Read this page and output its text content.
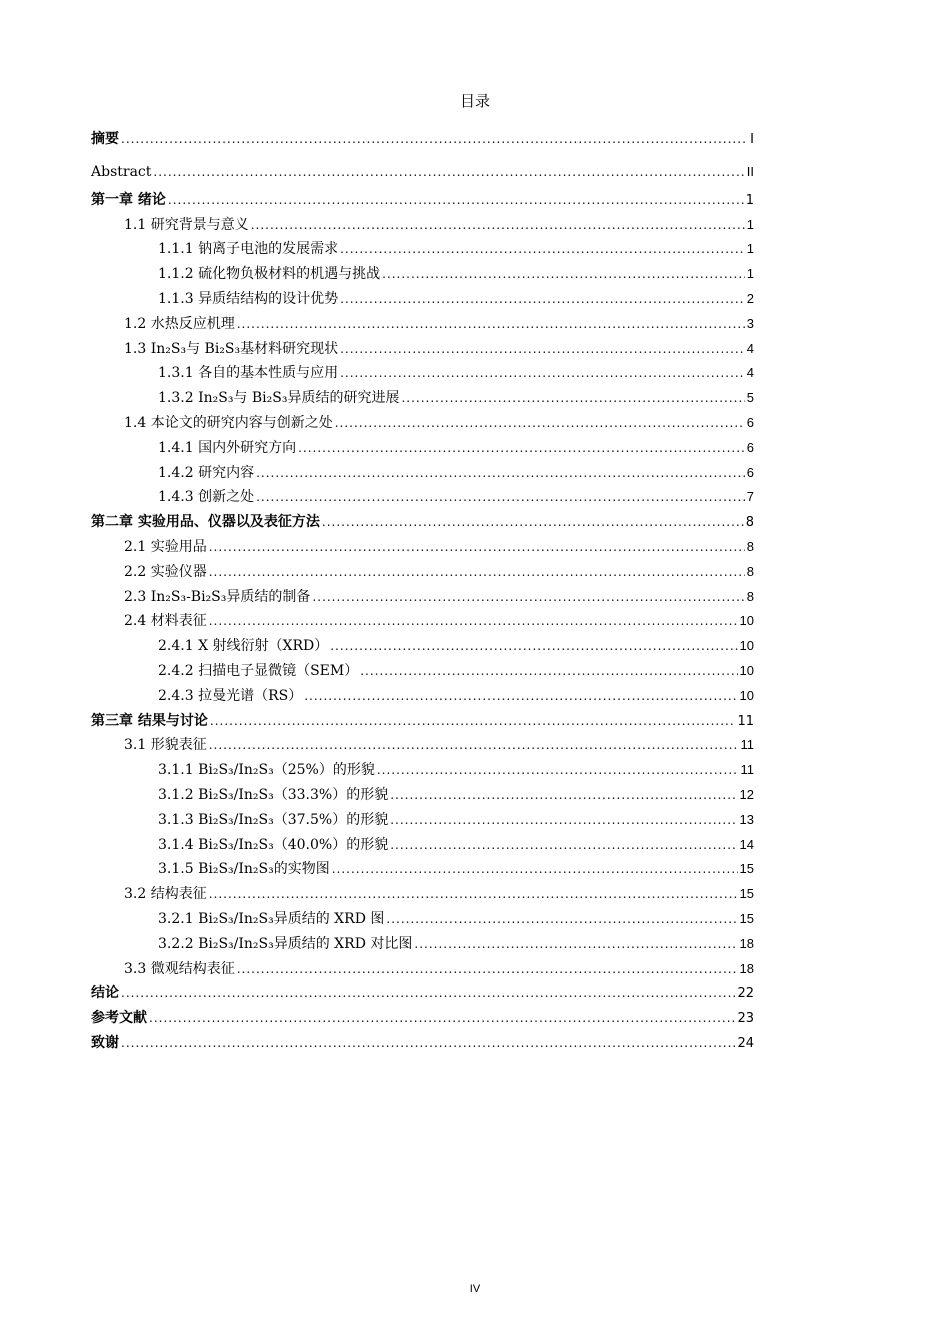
目录
摘要 .....	I
Abstract .....	II
第一章 绪论 .....	1
1.1 研究背景与意义 .....	1
1.1.1 钠离子电池的发展需求 .....	1
1.1.2 硫化物负极材料的机遇与挑战 .....	1
1.1.3 异质结结构的设计优势 .....	2
1.2 水热反应机理 .....	3
1.3 In₂S₃与 Bi₂S₃基材料研究现状 .....	4
1.3.1 各自的基本性质与应用 .....	4
1.3.2 In₂S₃与 Bi₂S₃异质结的研究进展 .....	5
1.4 本论文的研究内容与创新之处 .....	6
1.4.1 国内外研究方向 .....	6
1.4.2 研究内容 .....	6
1.4.3 创新之处 .....	7
第二章 实验用品、仪器以及表征方法 .....	8
2.1 实验用品 .....	8
2.2 实验仪器 .....	8
2.3 In₂S₃-Bi₂S₃异质结的制备 .....	8
2.4 材料表征 .....	10
2.4.1 X 射线衍射（XRD） .....	10
2.4.2 扫描电子显微镜（SEM） .....	10
2.4.3 拉曼光谱（RS） .....	10
第三章 结果与讨论 .....	11
3.1 形貌表征 .....	11
3.1.1 Bi₂S₃/In₂S₃（25%）的形貌 .....	11
3.1.2 Bi₂S₃/In₂S₃（33.3%）的形貌 .....	12
3.1.3 Bi₂S₃/In₂S₃（37.5%）的形貌 .....	13
3.1.4 Bi₂S₃/In₂S₃（40.0%）的形貌 .....	14
3.1.5 Bi₂S₃/In₂S₃的实物图 .....	15
3.2 结构表征 .....	15
3.2.1 Bi₂S₃/In₂S₃异质结的 XRD 图 .....	15
3.2.2 Bi₂S₃/In₂S₃异质结的 XRD 对比图 .....	18
3.3 微观结构表征 .....	18
结论 .....	22
参考文献 .....	23
致谢 .....	24
IV
